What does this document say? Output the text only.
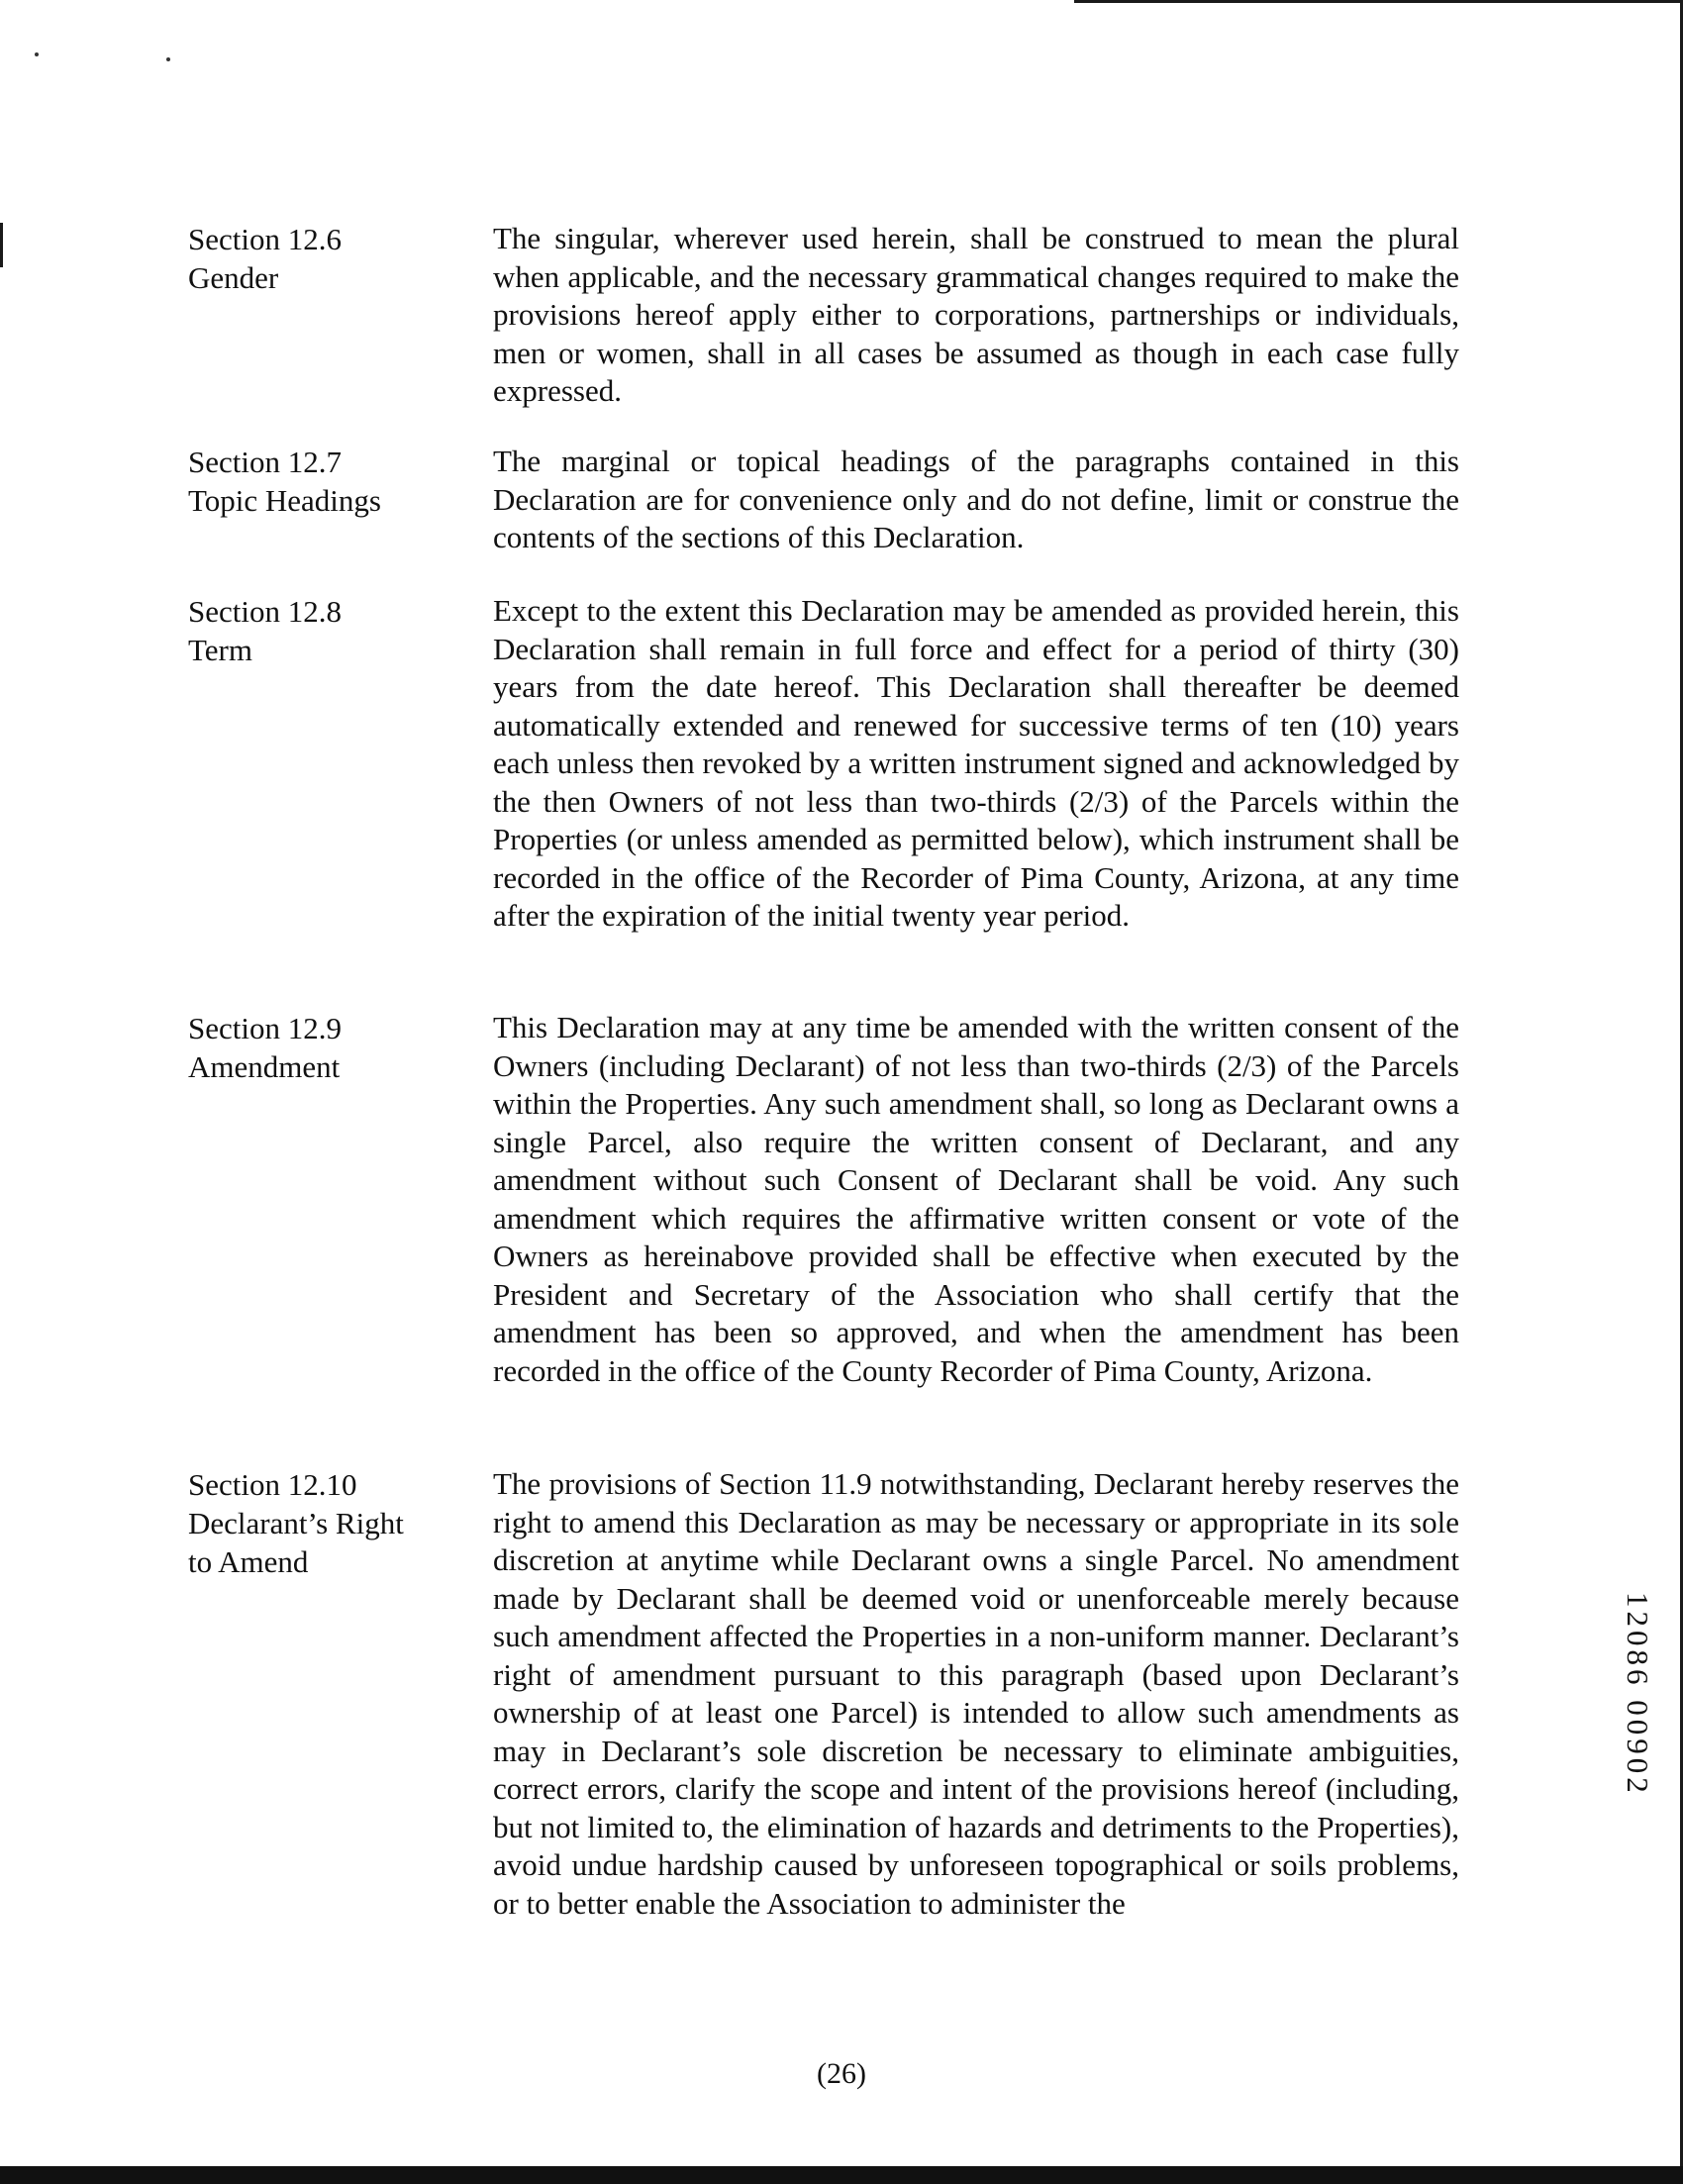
Section 12.6
Gender
The singular, wherever used herein, shall be construed to mean the plural when applicable, and the necessary grammatical changes required to make the provisions hereof apply either to corporations, partnerships or individuals, men or women, shall in all cases be assumed as though in each case fully expressed.
Section 12.7
Topic Headings
The marginal or topical headings of the paragraphs contained in this Declaration are for convenience only and do not define, limit or construe the contents of the sections of this Declaration.
Section 12.8
Term
Except to the extent this Declaration may be amended as provided herein, this Declaration shall remain in full force and effect for a period of thirty (30) years from the date hereof. This Declaration shall thereafter be deemed automatically extended and renewed for successive terms of ten (10) years each unless then revoked by a written instrument signed and acknowledged by the then Owners of not less than two-thirds (2/3) of the Parcels within the Properties (or unless amended as permitted below), which instrument shall be recorded in the office of the Recorder of Pima County, Arizona, at any time after the expiration of the initial twenty year period.
Section 12.9
Amendment
This Declaration may at any time be amended with the written consent of the Owners (including Declarant) of not less than two-thirds (2/3) of the Parcels within the Properties. Any such amendment shall, so long as Declarant owns a single Parcel, also require the written consent of Declarant, and any amendment without such Consent of Declarant shall be void. Any such amendment which requires the affirmative written consent or vote of the Owners as hereinabove provided shall be effective when executed by the President and Secretary of the Association who shall certify that the amendment has been so approved, and when the amendment has been recorded in the office of the County Recorder of Pima County, Arizona.
Section 12.10
Declarant’s Right
to Amend
The provisions of Section 11.9 notwithstanding, Declarant hereby reserves the right to amend this Declaration as may be necessary or appropriate in its sole discretion at anytime while Declarant owns a single Parcel. No amendment made by Declarant shall be deemed void or unenforceable merely because such amendment affected the Properties in a non-uniform manner. Declarant’s right of amendment pursuant to this paragraph (based upon Declarant’s ownership of at least one Parcel) is intended to allow such amendments as may in Declarant’s sole discretion be necessary to eliminate ambiguities, correct errors, clarify the scope and intent of the provisions hereof (including, but not limited to, the elimination of hazards and detriments to the Properties), avoid undue hardship caused by unforeseen topographical or soils problems, or to better enable the Association to administer the
12086 00902
(26)
